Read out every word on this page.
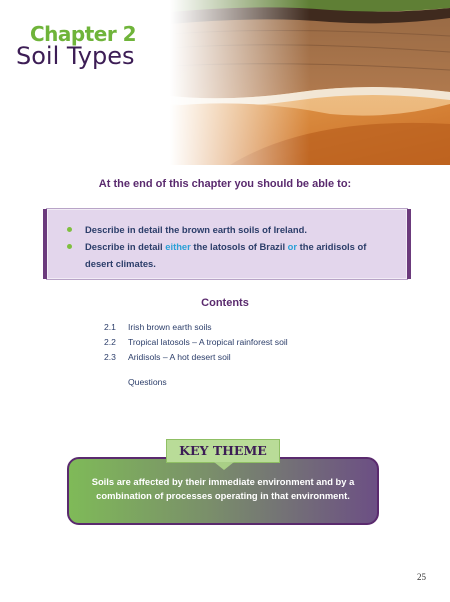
Chapter 2
Soil Types
At the end of this chapter you should be able to:
Describe in detail the brown earth soils of Ireland.
Describe in detail either the latosols of Brazil or the aridisols of desert climates.
Contents
2.1 Irish brown earth soils
2.2 Tropical latosols – A tropical rainforest soil
2.3 Aridisols – A hot desert soil
Questions
Soils are affected by their immediate environment and by a combination of processes operating in that environment.
KEY THEME
25
